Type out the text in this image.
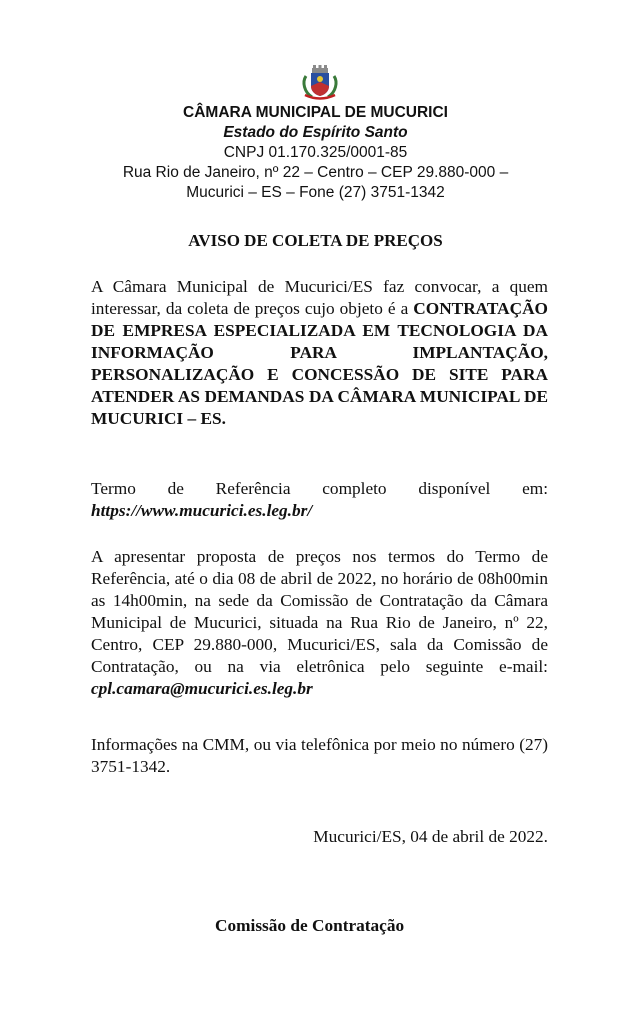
CÂMARA MUNICIPAL DE MUCURICI
Estado do Espírito Santo
CNPJ 01.170.325/0001-85
Rua Rio de Janeiro, nº 22 – Centro – CEP 29.880-000 –
Mucurici – ES – Fone (27) 3751-1342
AVISO DE COLETA DE PREÇOS
A Câmara Municipal de Mucurici/ES faz convocar, a quem interessar, da coleta de preços cujo objeto é a CONTRATAÇÃO DE EMPRESA ESPECIALIZADA EM TECNOLOGIA DA INFORMAÇÃO PARA IMPLANTAÇÃO, PERSONALIZAÇÃO E CONCESSÃO DE SITE PARA ATENDER AS DEMANDAS DA CÂMARA MUNICIPAL DE MUCURICI – ES.
Termo de Referência completo disponível em: https://www.mucurici.es.leg.br/
A apresentar proposta de preços nos termos do Termo de Referência, até o dia 08 de abril de 2022, no horário de 08h00min as 14h00min, na sede da Comissão de Contratação da Câmara Municipal de Mucurici, situada na Rua Rio de Janeiro, nº 22, Centro, CEP 29.880-000, Mucurici/ES, sala da Comissão de Contratação, ou na via eletrônica pelo seguinte e-mail: cpl.camara@mucurici.es.leg.br
Informações na CMM, ou via telefônica por meio no número (27) 3751-1342.
Mucurici/ES, 04 de abril de 2022.
Comissão de Contratação
